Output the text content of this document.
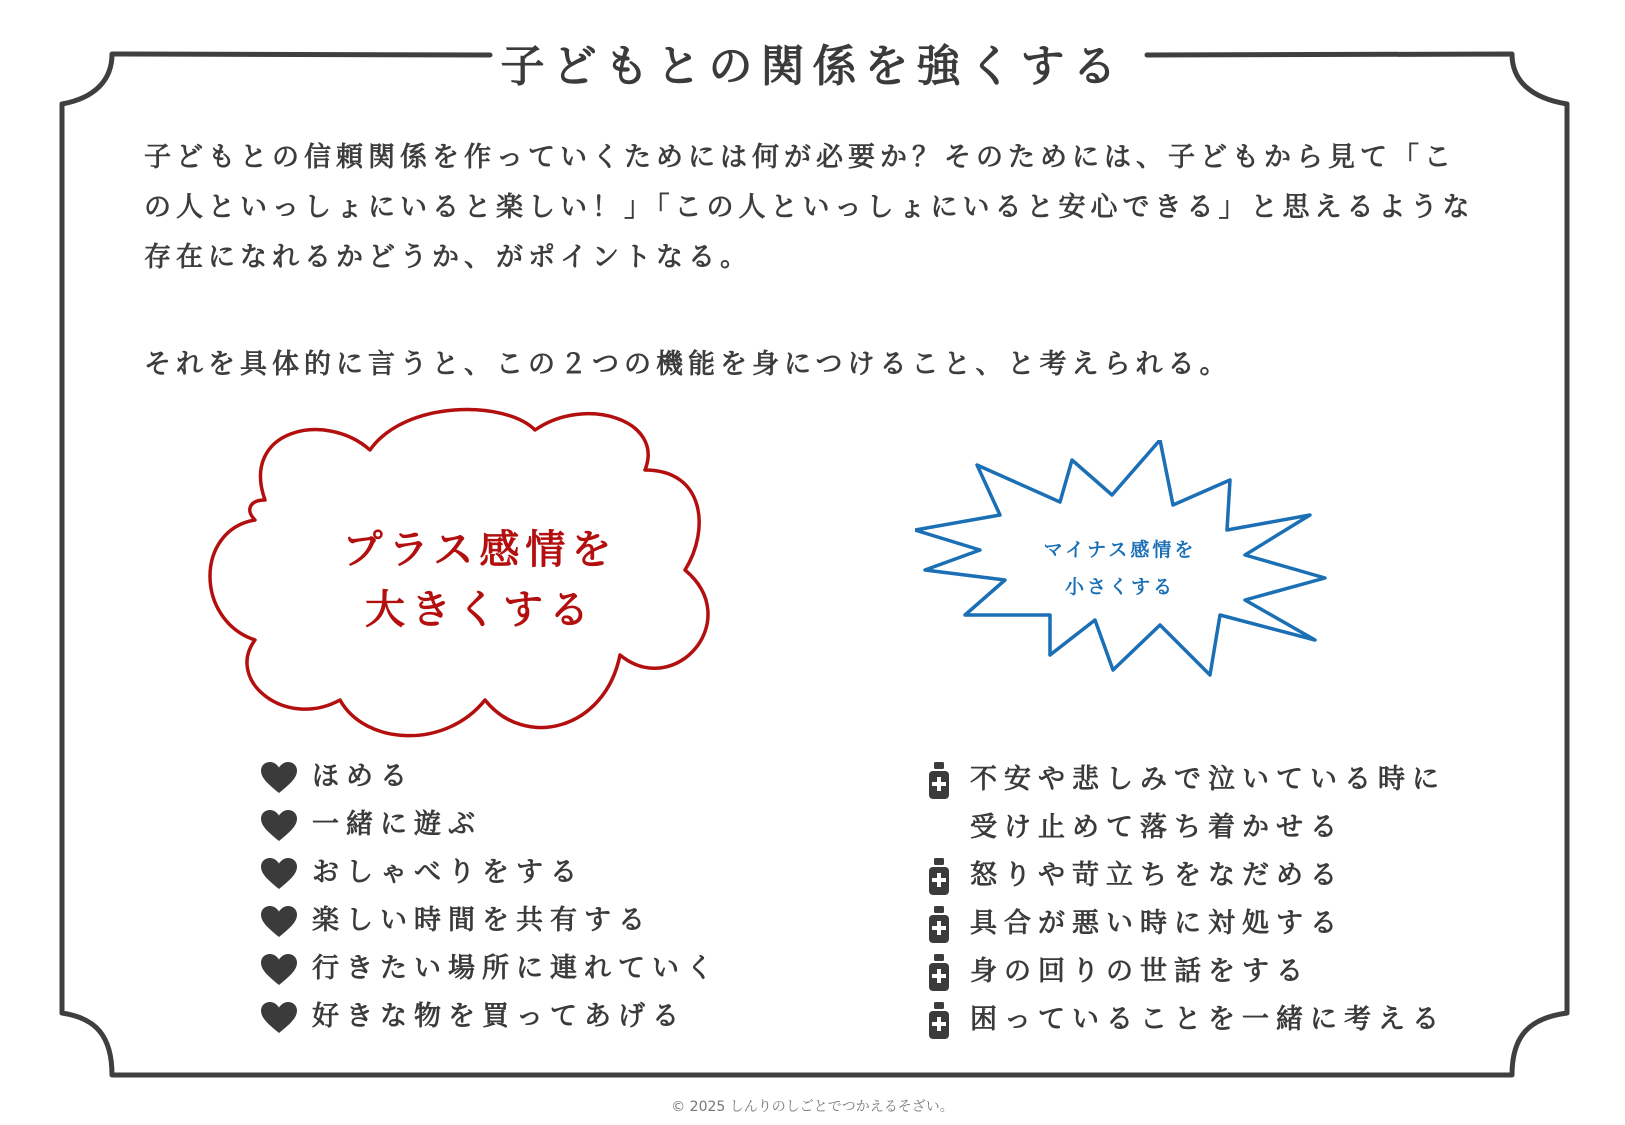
子どもとの関係を強くする

子どもとの信頼関係を作っていくためには何が必要か？そのためには、子どもから見て「この人といっしょにいると楽しい！」「この人といっしょにいると安心できる」と思えるような存在になれるかどうか、がポイントなる。

それを具体的に言うと、この２つの機能を身につけること、と考えられる。

プラス感情を
大きくする
マイナス感情を
小さくする
ほめる
一緒に遊ぶ
おしゃべりをする
楽しい時間を共有する
行きたい場所に連れていく
好きな物を買ってあげる
不安や悲しみで泣いている時に
受け止めて落ち着かせる
怒りや苛立ちをなだめる
具合が悪い時に対処する
身の回りの世話をする
困っていることを一緒に考える
© 2025 しんりのしごとでつかえるそざい。
